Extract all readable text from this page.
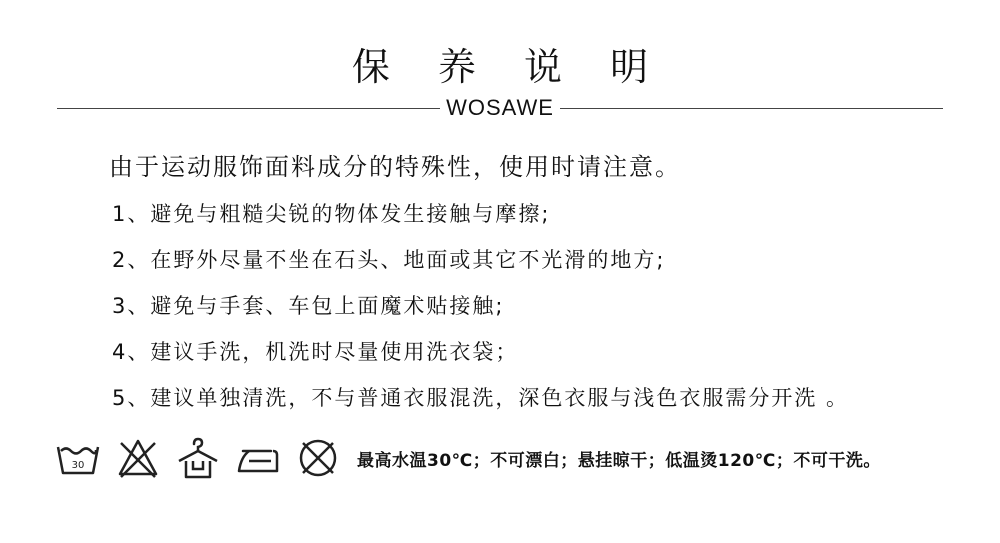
保 养 说 明
WOSAWE
由于运动服饰面料成分的特殊性，使用时请注意。
1、避免与粗糙尖锐的物体发生接触与摩擦;
2、在野外尽量不坐在石头、地面或其它不光滑的地方;
3、避免与手套、车包上面魔术贴接触;
4、建议手洗，机洗时尽量使用洗衣袋；
5、建议单独清洗，不与普通衣服混洗，深色衣服与浅色衣服需分开洗 。
30	最高水温30℃；不可漂白；悬挂晾干；低温烫120℃；不可干洗。
